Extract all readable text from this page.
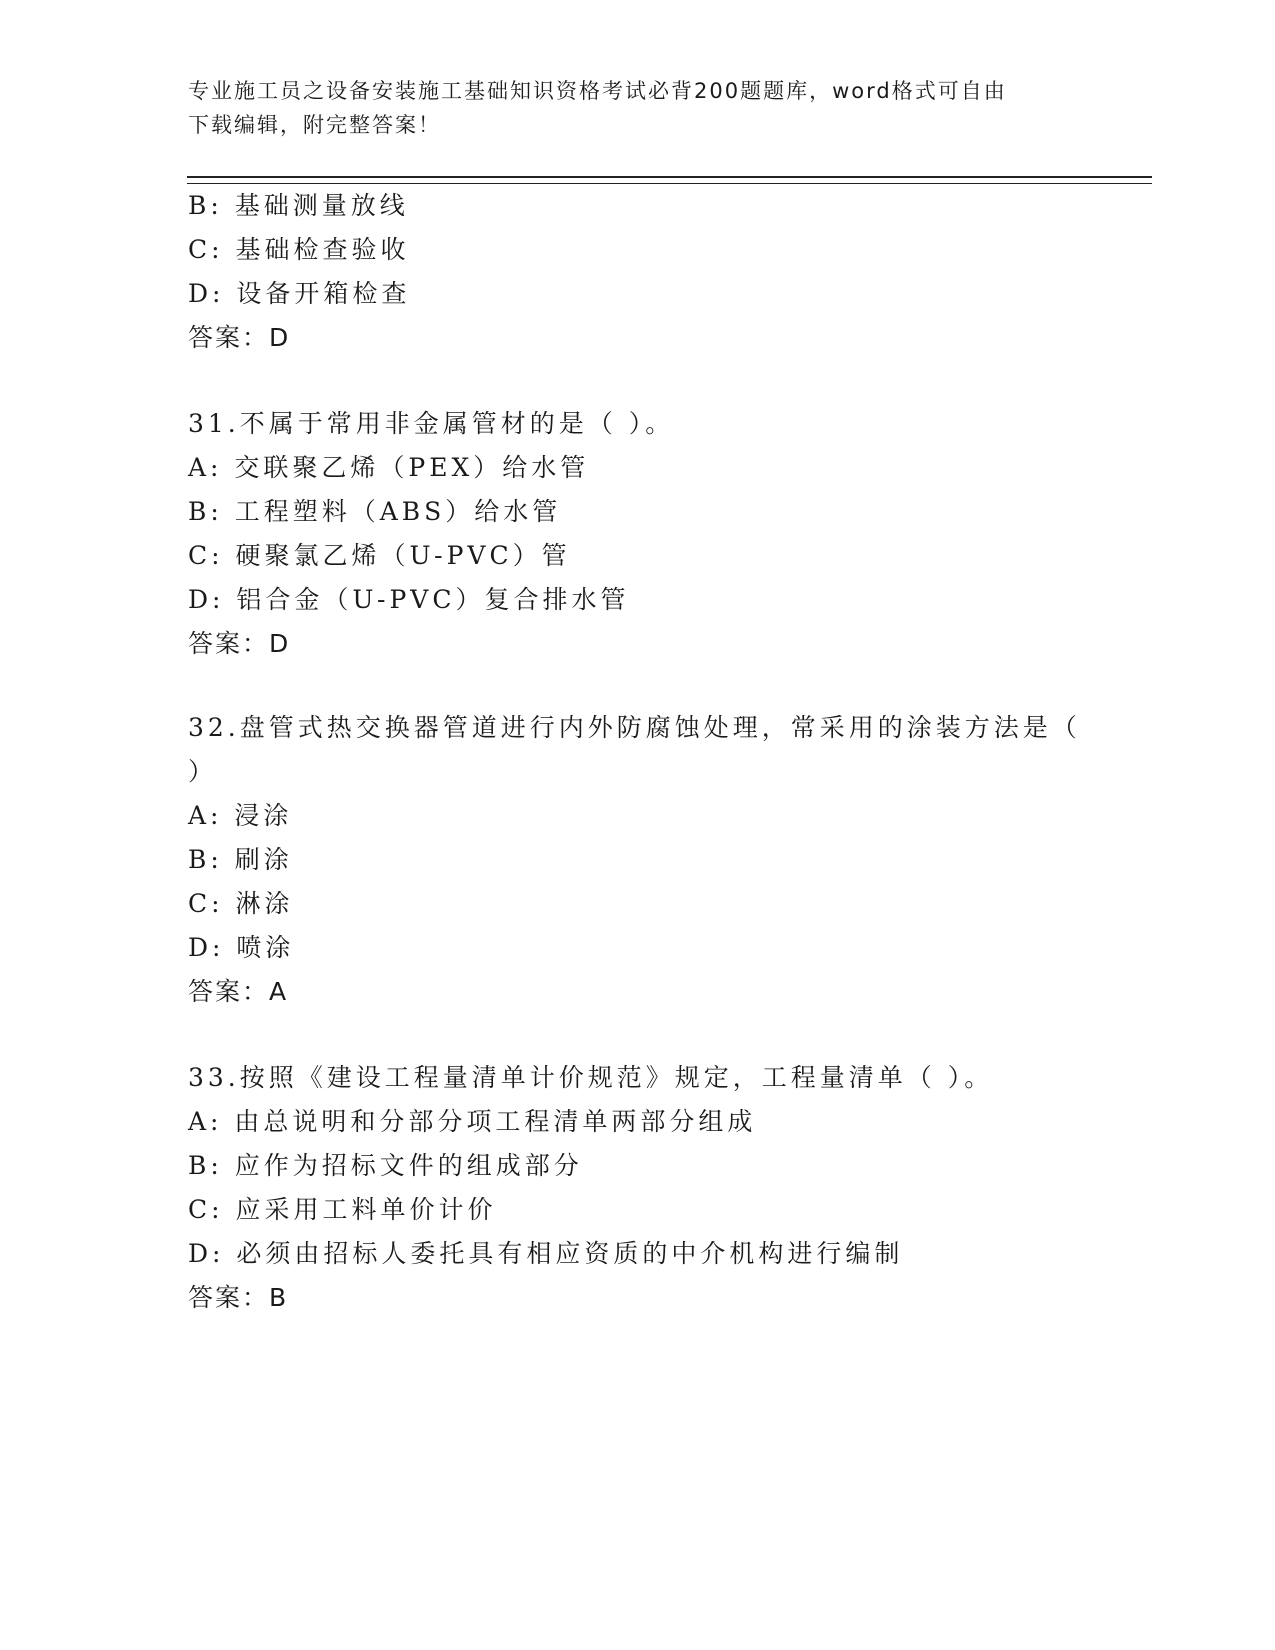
专业施工员之设备安装施工基础知识资格考试必背200题题库，word格式可自由
下载编辑，附完整答案！
B: 基础测量放线
C: 基础检查验收
D: 设备开箱检查
答案：D
31.不属于常用非金属管材的是（ ）。
A: 交联聚乙烯（PEX）给水管
B: 工程塑料（ABS）给水管
C: 硬聚氯乙烯（U-PVC）管
D: 铝合金（U-PVC）复合排水管
答案：D
32.盘管式热交换器管道进行内外防腐蚀处理，常采用的涂装方法是（
）
A: 浸涂
B: 刷涂
C: 淋涂
D: 喷涂
答案：A
33.按照《建设工程量清单计价规范》规定，工程量清单（ ）。
A: 由总说明和分部分项工程清单两部分组成
B: 应作为招标文件的组成部分
C: 应采用工料单价计价
D: 必须由招标人委托具有相应资质的中介机构进行编制
答案：B
